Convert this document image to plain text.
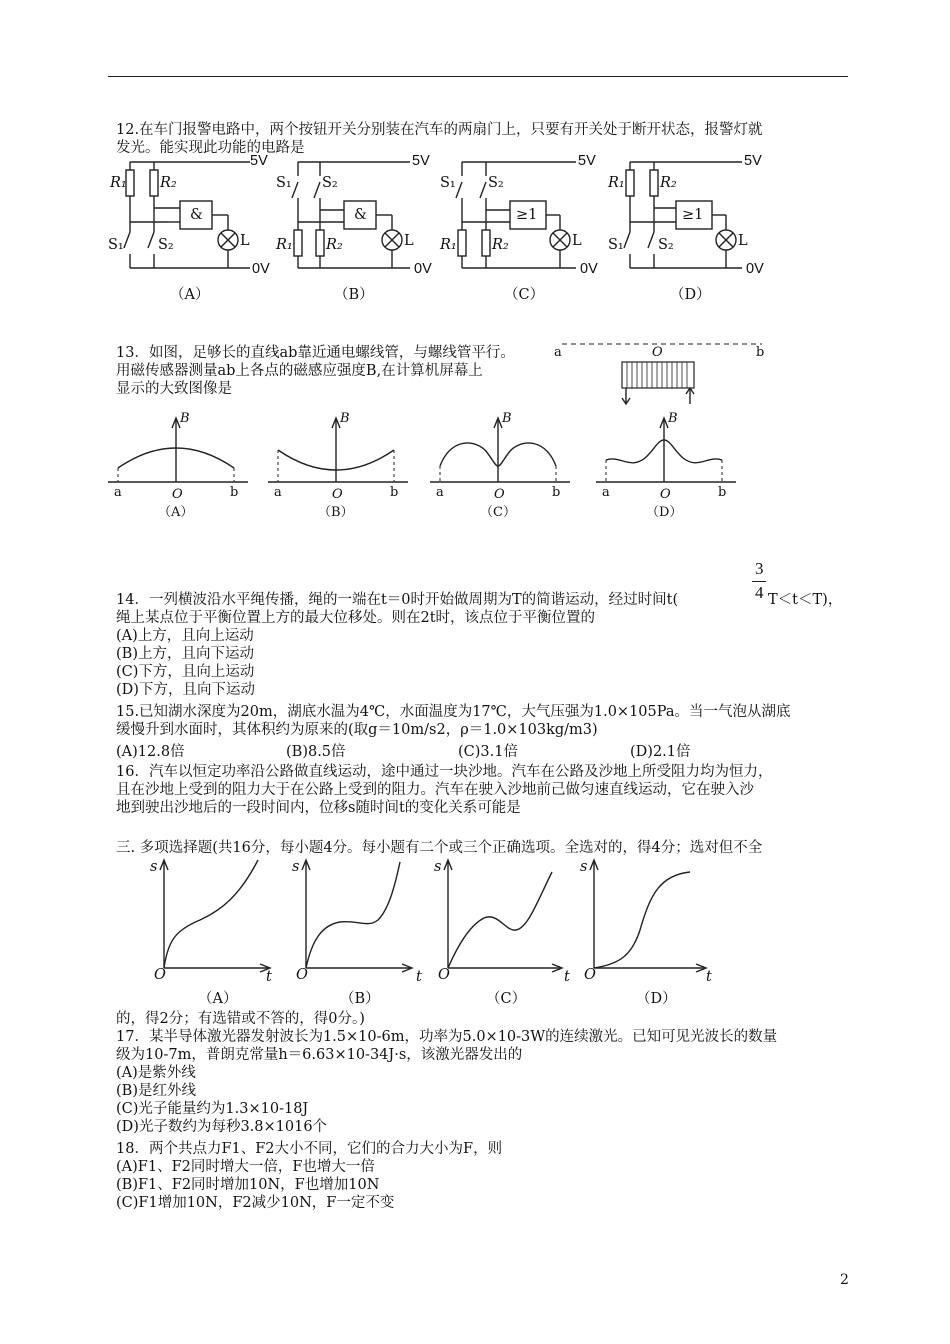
12.在车门报警电路中，两个按钮开关分别装在汽车的两扇门上，只要有开关处于断开状态，报警灯就
发光。能实现此功能的电路是
5V
0V
R₁ R₂
S₁ S₂
&
L
（A）
5V
0V
S₁ S₂
R₁ R₂
&
L
（B）
5V
0V
S₁ S₂
R₁ R₂
≥1
L
（C）
5V
0V
R₁ R₂
S₁ S₂
≥1
L
（D）
13．如图，足够长的直线ab靠近通电螺线管，与螺线管平行。
用磁传感器测量ab上各点的磁感应强度B,在计算机屏幕上
显示的大致图像是
a	O	b
B
a	O	b
（A）
B
a	O	b
（B）
B
a	O	b
（C）
B
a	O	b
（D）
3
4
14．一列横波沿水平绳传播，绳的一端在t＝0时开始做周期为T的简谐运动，经过时间t(	T＜t＜T)，
绳上某点位于平衡位置上方的最大位移处。则在2t时，该点位于平衡位置的
(A)上方，且向上运动
(B)上方，且向下运动
(C)下方，且向上运动
(D)下方，且向下运动
15.已知湖水深度为20m，湖底水温为4℃，水面温度为17℃，大气压强为1.0×105Pa。当一气泡从湖底
缓慢升到水面时，其体积约为原来的(取g＝10m/s2，ρ＝1.0×103kg/m3)
(A)12.8倍	(B)8.5倍	(C)3.1倍	(D)2.1倍
16．汽车以恒定功率沿公路做直线运动，途中通过一块沙地。汽车在公路及沙地上所受阻力均为恒力，
且在沙地上受到的阻力大于在公路上受到的阻力。汽车在驶入沙地前己做匀速直线运动，它在驶入沙
地到驶出沙地后的一段时间内，位移s随时间t的变化关系可能是
三. 多项选择题(共16分，每小题4分。每小题有二个或三个正确选项。全选对的，得4分；选对但不全
s
O	t
（A）
s
O	t
（B）
s
O	t
（C）
s
O	t
（D）
的，得2分；有选错或不答的，得0分。)
17．某半导体激光器发射波长为1.5×10-6m，功率为5.0×10-3W的连续激光。已知可见光波长的数量
级为10-7m，普朗克常量h＝6.63×10-34J·s，该激光器发出的
(A)是紫外线
(B)是红外线
(C)光子能量约为1.3×10-18J
(D)光子数约为每秒3.8×1016个
18．两个共点力F1、F2大小不同，它们的合力大小为F，则
(A)F1、F2同时增大一倍，F也增大一倍
(B)F1、F2同时增加10N，F也增加10N
(C)F1增加10N，F2减少10N，F一定不变
2
